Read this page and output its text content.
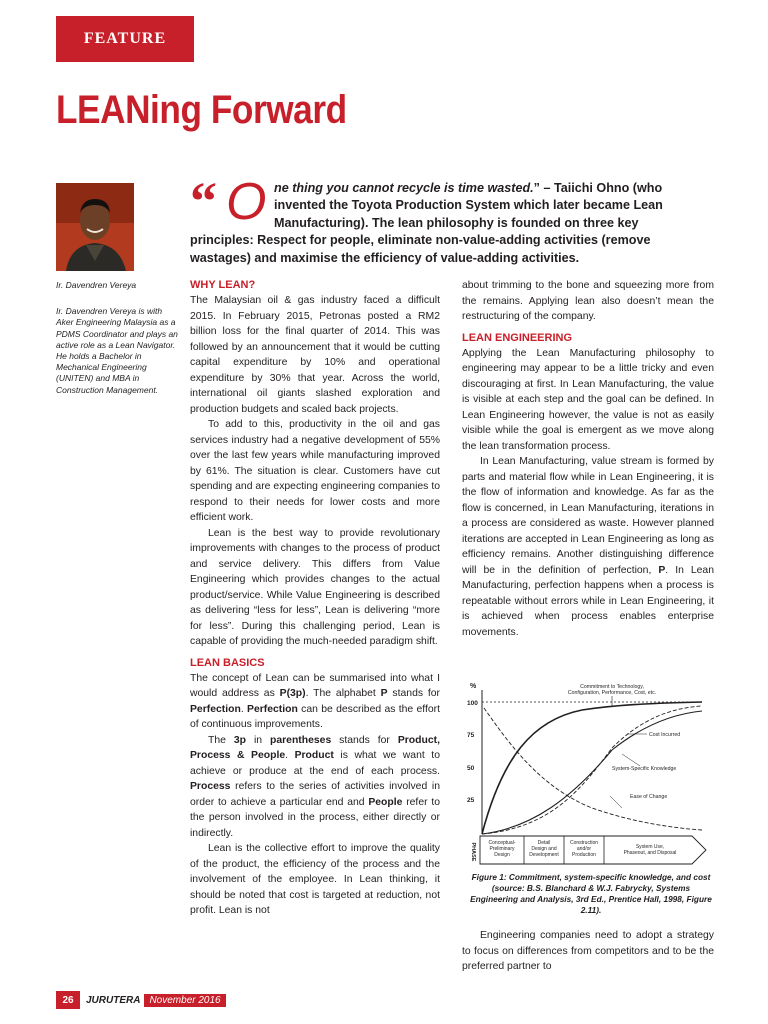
FEATURE
LEANing Forward

Ir. Davendren Vereya

Ir. Davendren Vereya is with Aker Engineering Malaysia as a PDMS Coordinator and plays an active role as a Lean Navigator. He holds a Bachelor in Mechanical Engineering (UNITEN) and MBA in Construction Management.

“ O ne thing you cannot recycle is time wasted.” – Taiichi Ohno (who
invented the Toyota Production System which later became Lean
Manufacturing). The lean philosophy is founded on three key
principles: Respect for people, eliminate non-value-adding activities (remove
wastages) and maximise the efficiency of value-adding activities.
WHY LEAN?

The Malaysian oil & gas industry faced a difficult 2015. In February 2015, Petronas posted a RM2 billion loss for the final quarter of 2014. This was followed by an announcement that it would be cutting capital expenditure by 10% and operational expenditure by 30% that year. Across the world, international oil giants slashed exploration and production budgets and scaled back projects.

To add to this, productivity in the oil and gas services industry had a negative development of 55% over the last few years while manufacturing improved by 61%. The situation is clear. Customers have cut spending and are expecting engineering companies to respond to their needs for lower costs and more efficient work.

Lean is the best way to provide revolutionary improvements with changes to the process of product and service delivery. This differs from Value Engineering which provides changes to the actual product/service. While Value Engineering is described as delivering “less for less”, Lean is delivering “more for less”. During this challenging period, Lean is capable of providing the much-needed paradigm shift.

LEAN BASICS

The concept of Lean can be summarised into what I would address as P(3p). The alphabet P stands for Perfection. Perfection can be described as the effort of continuous improvements.

The 3p in parentheses stands for Product, Process & People. Product is what we want to achieve or produce at the end of each process. Process refers to the series of activities involved in order to achieve a particular end and People refer to the person involved in the process, either directly or indirectly.

Lean is the collective effort to improve the quality of the product, the efficiency of the process and the involvement of the employee. In Lean thinking, it should be noted that cost is targeted at reduction, not profit. Lean is not

about trimming to the bone and squeezing more from the remains. Applying lean also doesn’t mean the restructuring of the company.

LEAN ENGINEERING

Applying the Lean Manufacturing philosophy to engineering may appear to be a little tricky and even discouraging at first. In Lean Manufacturing, the value is visible at each step and the goal can be defined. In Lean Engineering however, the value is not as easily visible while the goal is emergent as we move along the lean transformation process.

In Lean Manufacturing, value stream is formed by parts and material flow while in Lean Engineering, it is the flow of information and knowledge. As far as the flow is concerned, in Lean Manufacturing, iterations in a process are considered as waste. However planned iterations are accepted in Lean Engineering as long as efficiency remains. Another distinguishing difference will be in the definition of perfection, P. In Lean Manufacturing, perfection happens when a process is repeatable without errors while in Lean Engineering, it is achieved when process enables enterprise movements.

%
100
75
50
25
Commitment to Technology,
Configuration, Performance, Cost, etc.
Cost Incurred
System-Specific Knowledge
Ease of Change
PHASE	Conceptual-
Preliminary
Design
Detail
Design and
Development
Construction
and/or
Production
System Use,
Phaseout, and Disposal

Figure 1: Commitment, system-specific knowledge, and cost (source: B.S. Blanchard & W.J. Fabrycky, Systems Engineering and Analysis, 3rd Ed., Prentice Hall, 1998, Figure 2.11).

Engineering companies need to adopt a strategy to focus on differences from competitors and to be the preferred partner to

26	JURUTERA November 2016
